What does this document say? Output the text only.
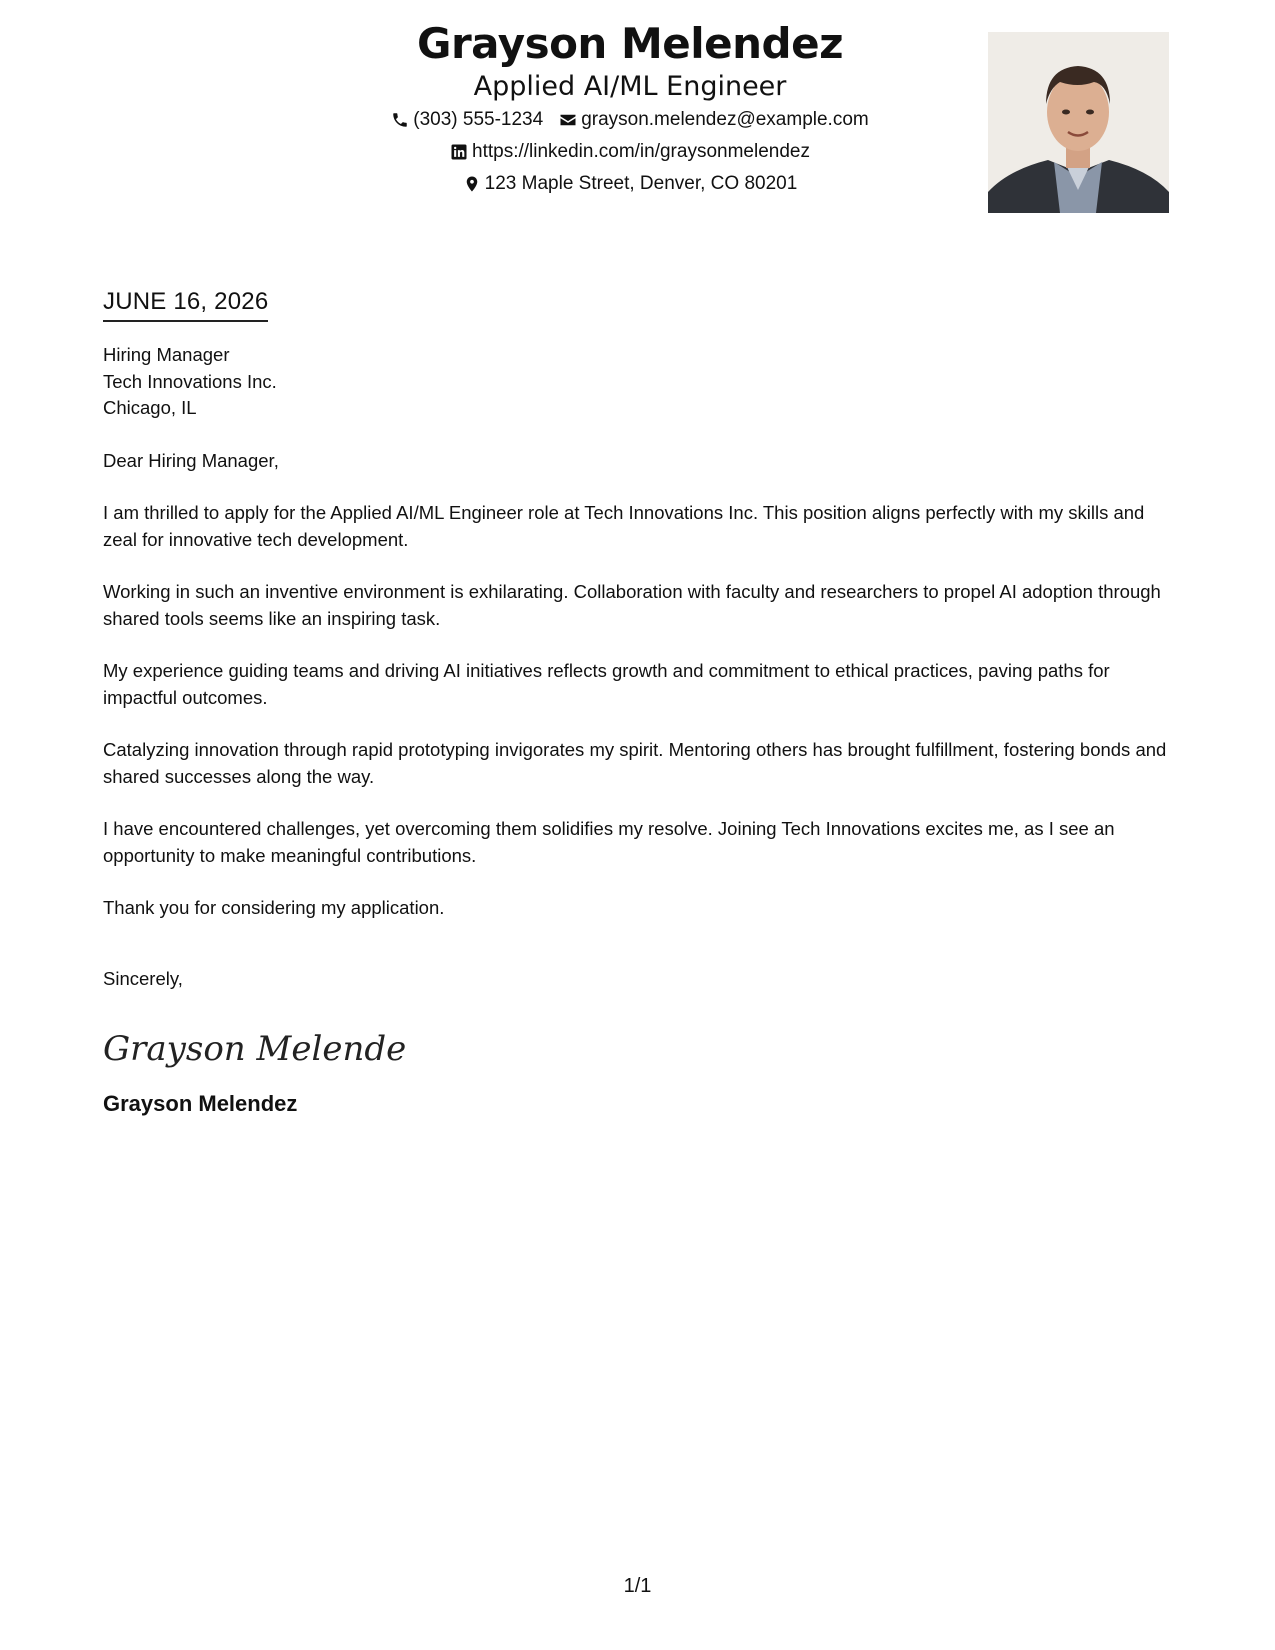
Grayson Melendez
Applied AI/ML Engineer
(303) 555-1234 grayson.melendez@example.com
https://linkedin.com/in/graysonmelendez
123 Maple Street, Denver, CO 80201
JUNE 16, 2026
Hiring Manager
Tech Innovations Inc.
Chicago, IL
Dear Hiring Manager,
I am thrilled to apply for the Applied AI/ML Engineer role at Tech Innovations Inc. This position aligns perfectly with my skills and zeal for innovative tech development.
Working in such an inventive environment is exhilarating. Collaboration with faculty and researchers to propel AI adoption through shared tools seems like an inspiring task.
My experience guiding teams and driving AI initiatives reflects growth and commitment to ethical practices, paving paths for impactful outcomes.
Catalyzing innovation through rapid prototyping invigorates my spirit. Mentoring others has brought fulfillment, fostering bonds and shared successes along the way.
I have encountered challenges, yet overcoming them solidifies my resolve. Joining Tech Innovations excites me, as I see an opportunity to make meaningful contributions.
Thank you for considering my application.
Sincerely,
Grayson Melende
Grayson Melendez
1/1
